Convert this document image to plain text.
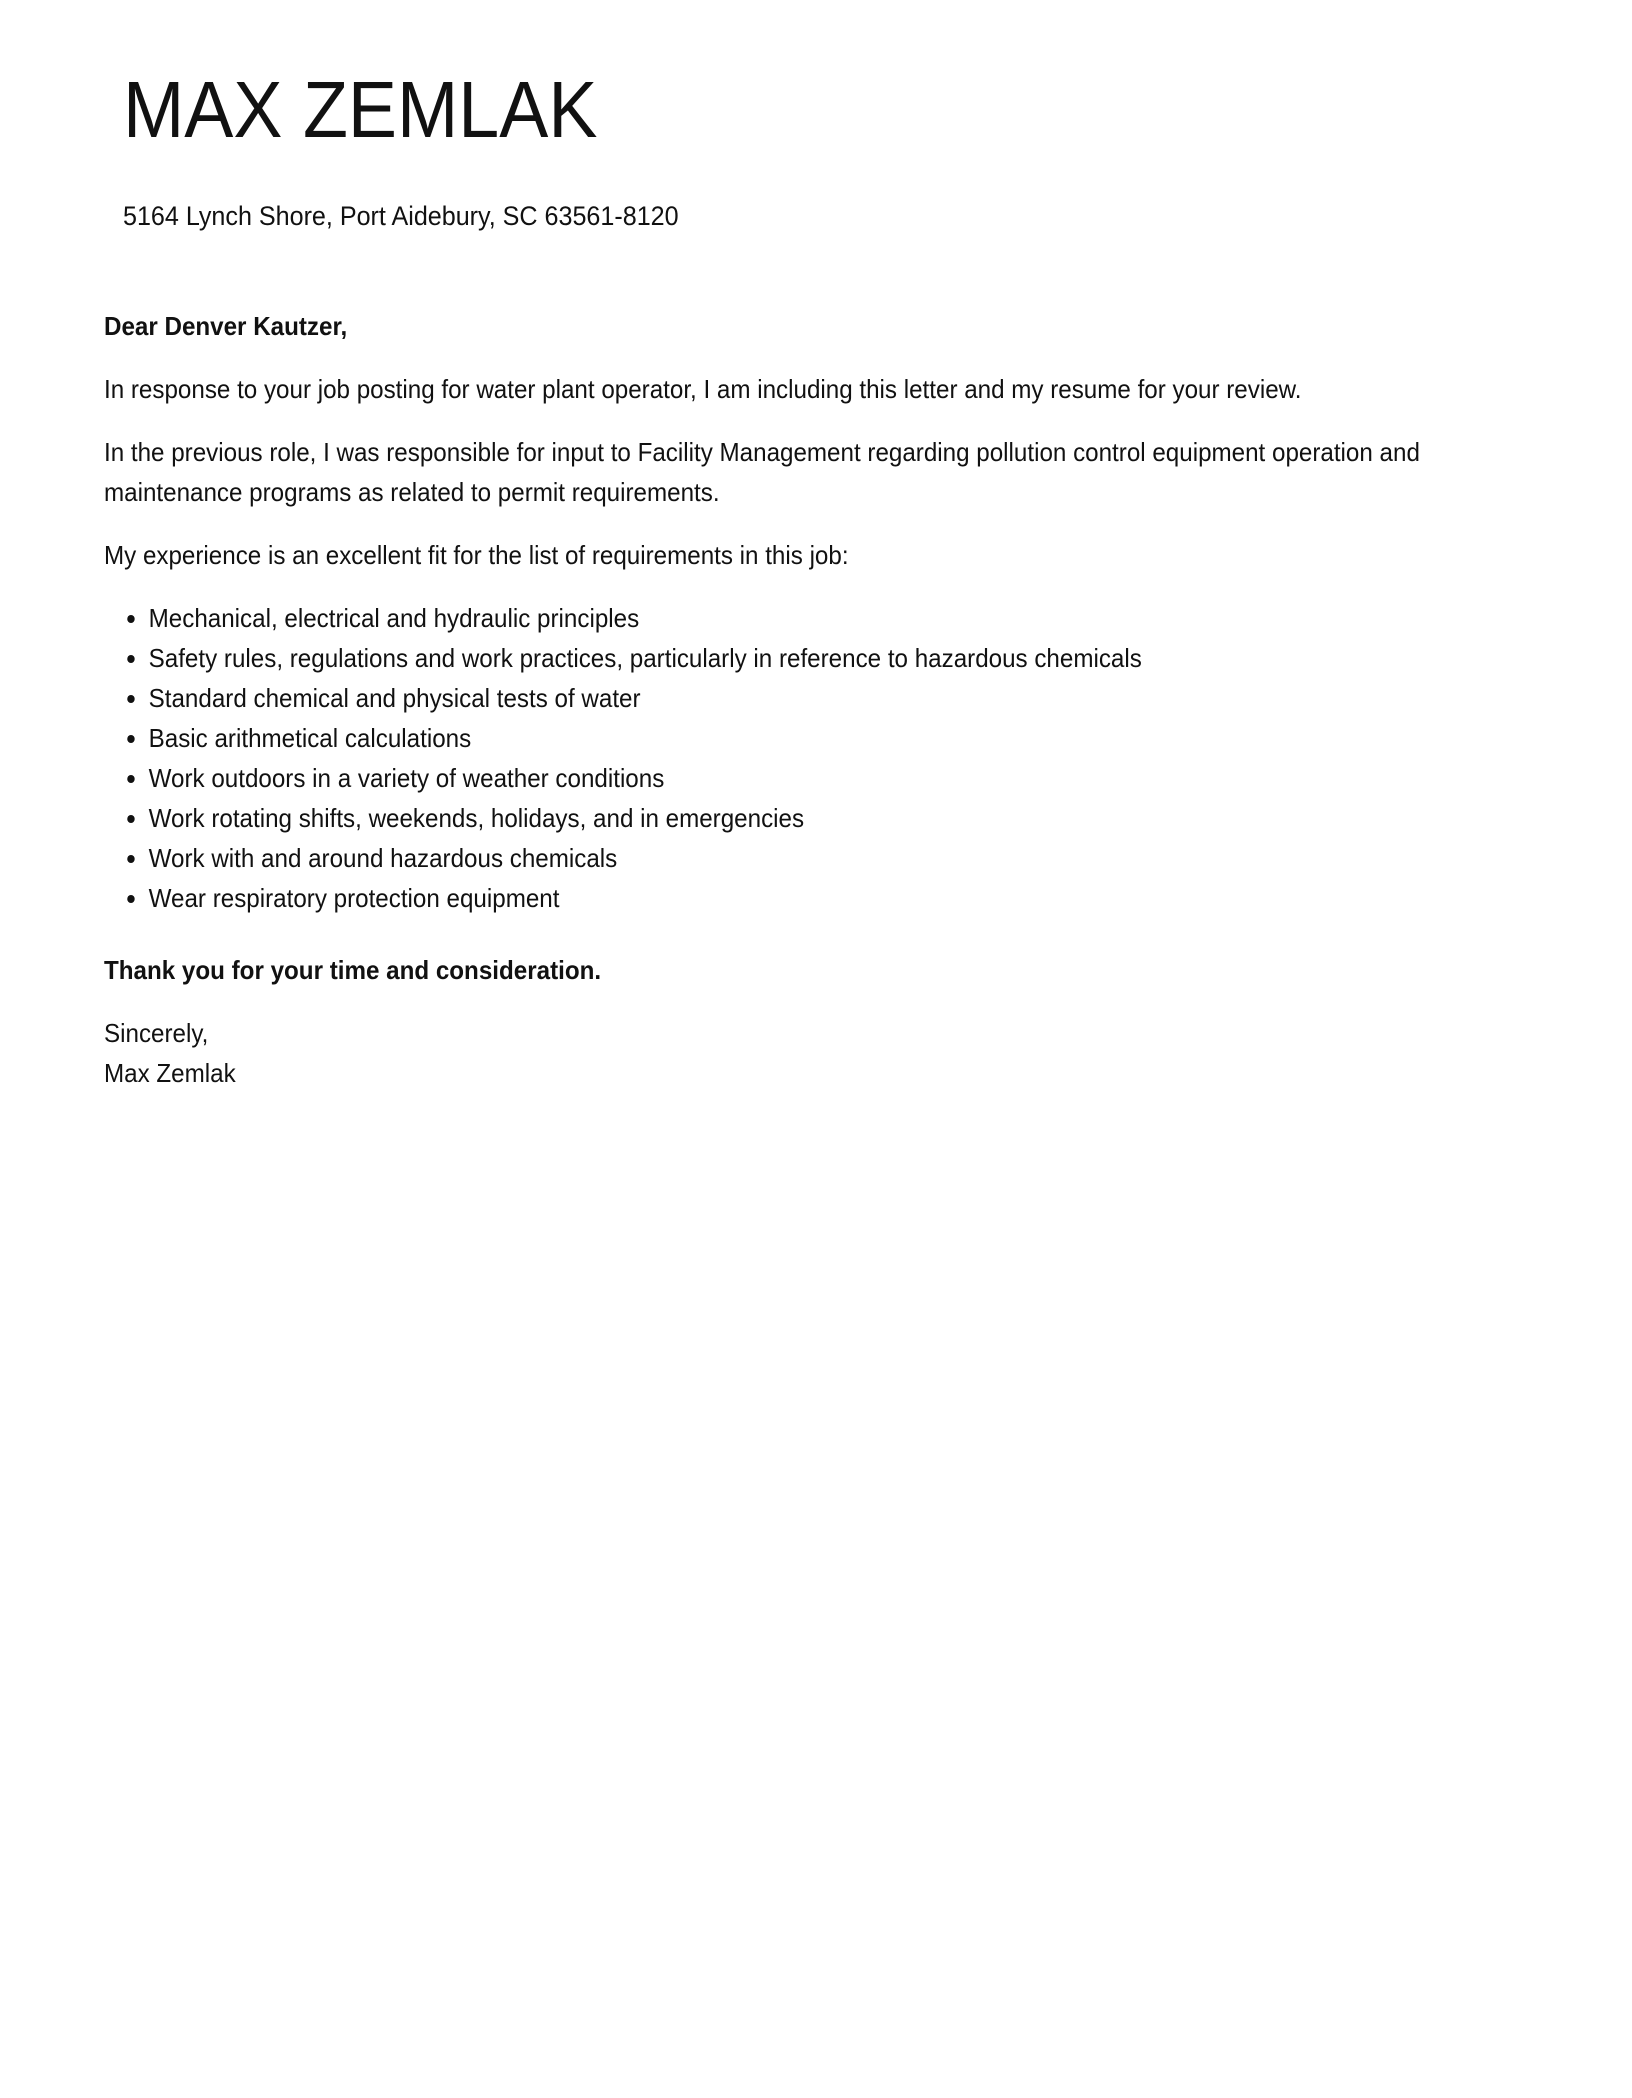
MAX ZEMLAK
5164 Lynch Shore, Port Aidebury, SC 63561-8120

Dear Denver Kautzer,

In response to your job posting for water plant operator, I am including this letter and my resume for your review.

In the previous role, I was responsible for input to Facility Management regarding pollution control equipment operation and maintenance programs as related to permit requirements.

My experience is an excellent fit for the list of requirements in this job:

• Mechanical, electrical and hydraulic principles
• Safety rules, regulations and work practices, particularly in reference to hazardous chemicals
• Standard chemical and physical tests of water
• Basic arithmetical calculations
• Work outdoors in a variety of weather conditions
• Work rotating shifts, weekends, holidays, and in emergencies
• Work with and around hazardous chemicals
• Wear respiratory protection equipment

Thank you for your time and consideration.

Sincerely,
Max Zemlak
